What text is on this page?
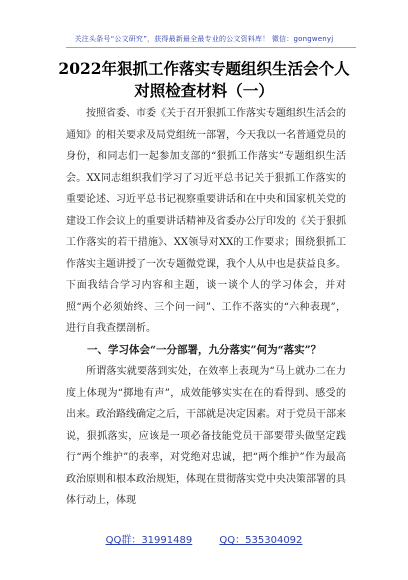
关注头条号“公文研究”，获得最新最全最专业的公文资料库！ 微信：gongwenyj
2022年狠抓工作落实专题组织生活会个人
对照检查材料（一）

按照省委、市委《关于召开狠抓工作落实专题组织生活会的通知》的相关要求及局党组统一部署，今天我以一名普通党员的身份，和同志们一起参加支部的“狠抓工作落实”专题组织生活会。XX同志组织我们学习了习近平总书记关于狠抓工作落实的重要论述、习近平总书记视察重要讲话和在中央和国家机关党的建设工作会议上的重要讲话精神及省委办公厅印发的《关于狠抓工作落实的若干措施》、XX领导对XX的工作要求；围绕狠抓工作落实主题讲授了一次专题微党课，我个人从中也是获益良多。下面我结合学习内容和主题，谈一谈个人的学习体会，并对照“两个必须始终、三个问一问”、工作不落实的“六种表现”，进行自我查摆剖析。

一、学习体会“一分部署，九分落实”何为“落实”？

所谓落实就要落到实处，在效率上表现为“马上就办二在力度上体现为“掷地有声”，成效能够实实在在的看得到、感受的出来。政治路线确定之后，干部就是决定因素。对于党员干部来说，狠抓落实，应该是一项必备技能党员干部要带头做坚定践行“两个维护”的表率，对党绝对忠诚，把“两个维护”作为最高政治原则和根本政治规矩，体现在贯彻落实党中央决策部署的具体行动上，体现

QQ群：31991489	QQ：535304092
